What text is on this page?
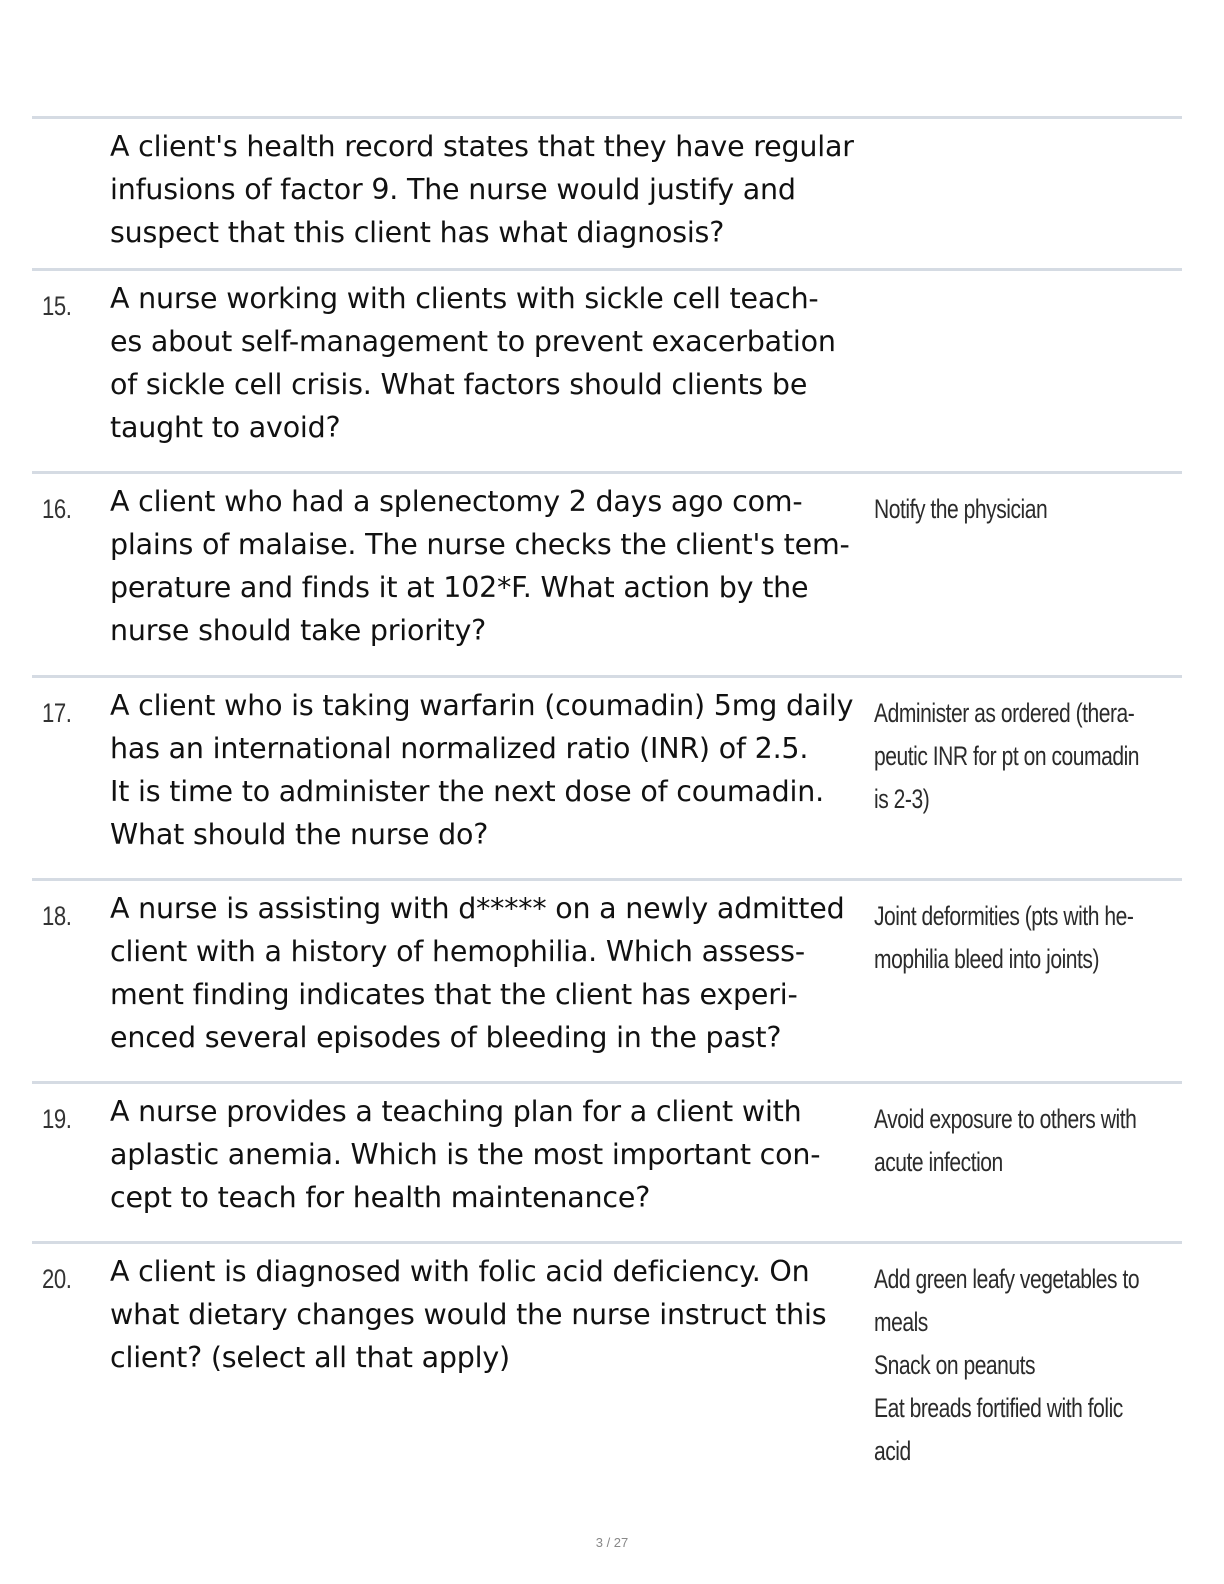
A client's health record states that they have regular
infusions of factor 9. The nurse would justify and
suspect that this client has what diagnosis?
15. A nurse working with clients with sickle cell teach-
es about self-management to prevent exacerbation
of sickle cell crisis. What factors should clients be
taught to avoid?
16. A client who had a splenectomy 2 days ago com-
plains of malaise. The nurse checks the client's tem-
perature and finds it at 102*F. What action by the
nurse should take priority?
Notify the physician
17. A client who is taking warfarin (coumadin) 5mg daily
has an international normalized ratio (INR) of 2.5.
It is time to administer the next dose of coumadin.
What should the nurse do?
Administer as ordered (thera-
peutic INR for pt on coumadin
is 2-3)
18. A nurse is assisting with d***** on a newly admitted
client with a history of hemophilia. Which assess-
ment finding indicates that the client has experi-
enced several episodes of bleeding in the past?
Joint deformities (pts with he-
mophilia bleed into joints)
19. A nurse provides a teaching plan for a client with
aplastic anemia. Which is the most important con-
cept to teach for health maintenance?
Avoid exposure to others with
acute infection
20. A client is diagnosed with folic acid deficiency. On
what dietary changes would the nurse instruct this
client? (select all that apply)
Add green leafy vegetables to
meals
Snack on peanuts
Eat breads fortified with folic
acid
3 / 27
